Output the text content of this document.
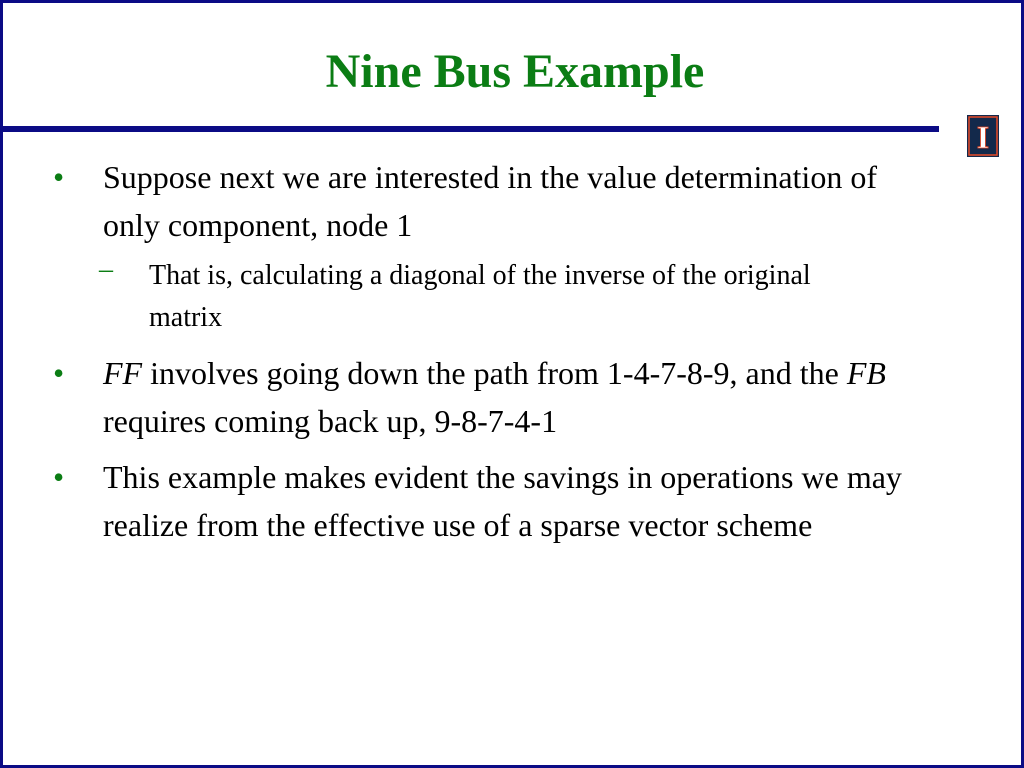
Nine Bus Example
I
• Suppose next we are interested in the value determination of only component, node 1
– That is, calculating a diagonal of the inverse of the original matrix
• FF involves going down the path from 1-4-7-8-9, and the FB  requires coming back up, 9-8-7-4-1
• This example makes evident the savings in operations we may realize from the effective use of a sparse vector scheme
